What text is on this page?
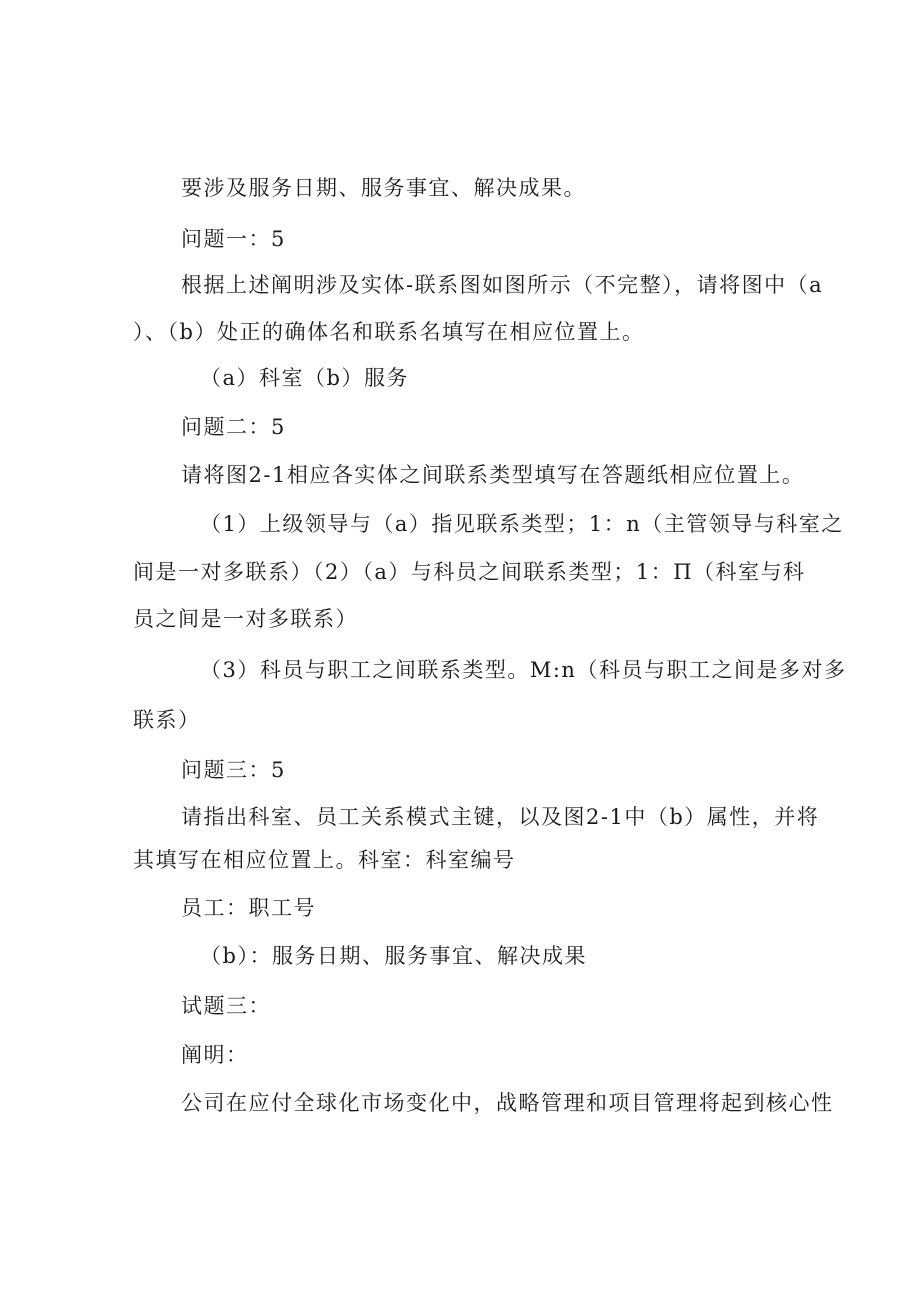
要涉及服务日期、服务事宜、解决成果。
问题一：5
根据上述阐明涉及实体-联系图如图所示（不完整），请将图中（a
）、（b）处正的确体名和联系名填写在相应位置上。
（a）科室（b）服务
问题二：5
请将图2-1相应各实体之间联系类型填写在答题纸相应位置上。
（1）上级领导与（a）指见联系类型；1：n（主管领导与科室之
间是一对多联系）（2）（a）与科员之间联系类型；1：Π（科室与科
员之间是一对多联系）
（3）科员与职工之间联系类型。M:n（科员与职工之间是多对多
联系）
问题三：5
请指出科室、员工关系模式主键，以及图2-1中（b）属性，并将
其填写在相应位置上。科室：科室编号
员工：职工号
（b）：服务日期、服务事宜、解决成果
试题三：
阐明：
公司在应付全球化市场变化中，战略管理和项目管理将起到核心性
